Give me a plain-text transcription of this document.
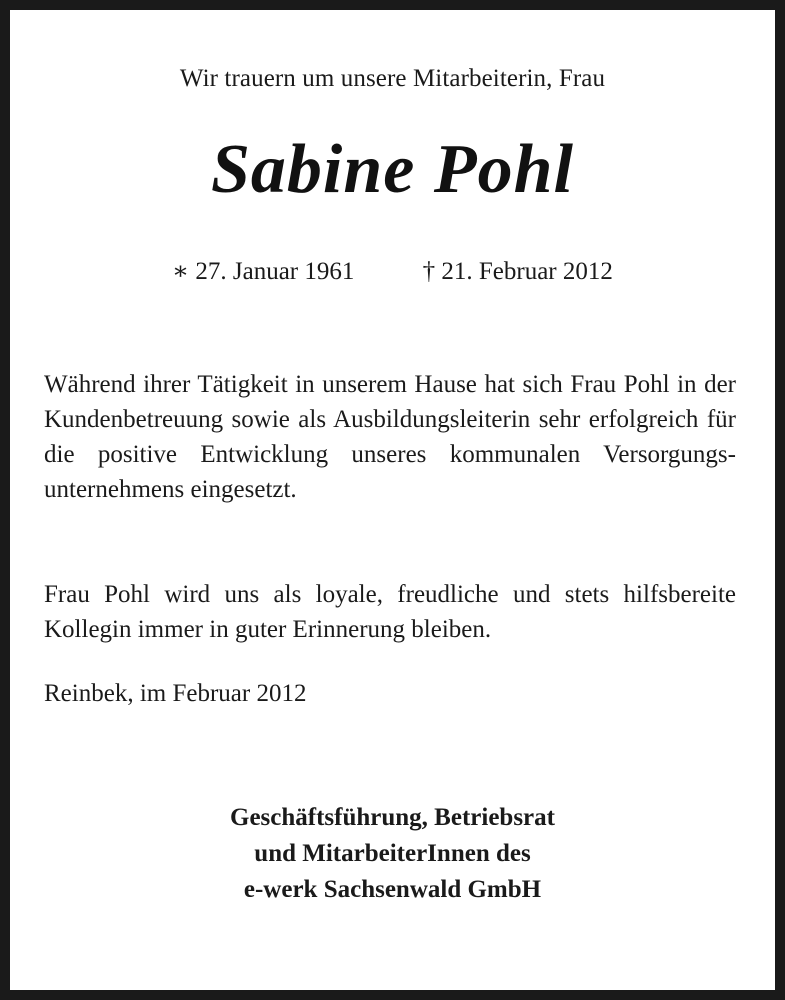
Wir trauern um unsere Mitarbeiterin, Frau
Sabine Pohl
∗ 27. Januar 1961	† 21. Februar 2012
Während ihrer Tätigkeit in unserem Hause hat sich Frau Pohl in der Kundenbetreuung sowie als Ausbildungsleiterin sehr erfolgreich für die positive Entwicklung unseres kommunalen Versorgungs- unternehmens eingesetzt.
Frau Pohl wird uns als loyale, freudliche und stets hilfsbereite Kollegin immer in guter Erinnerung bleiben.
Reinbek, im Februar 2012
Geschäftsführung, Betriebsrat
und MitarbeiterInnen des
e-werk Sachsenwald GmbH
